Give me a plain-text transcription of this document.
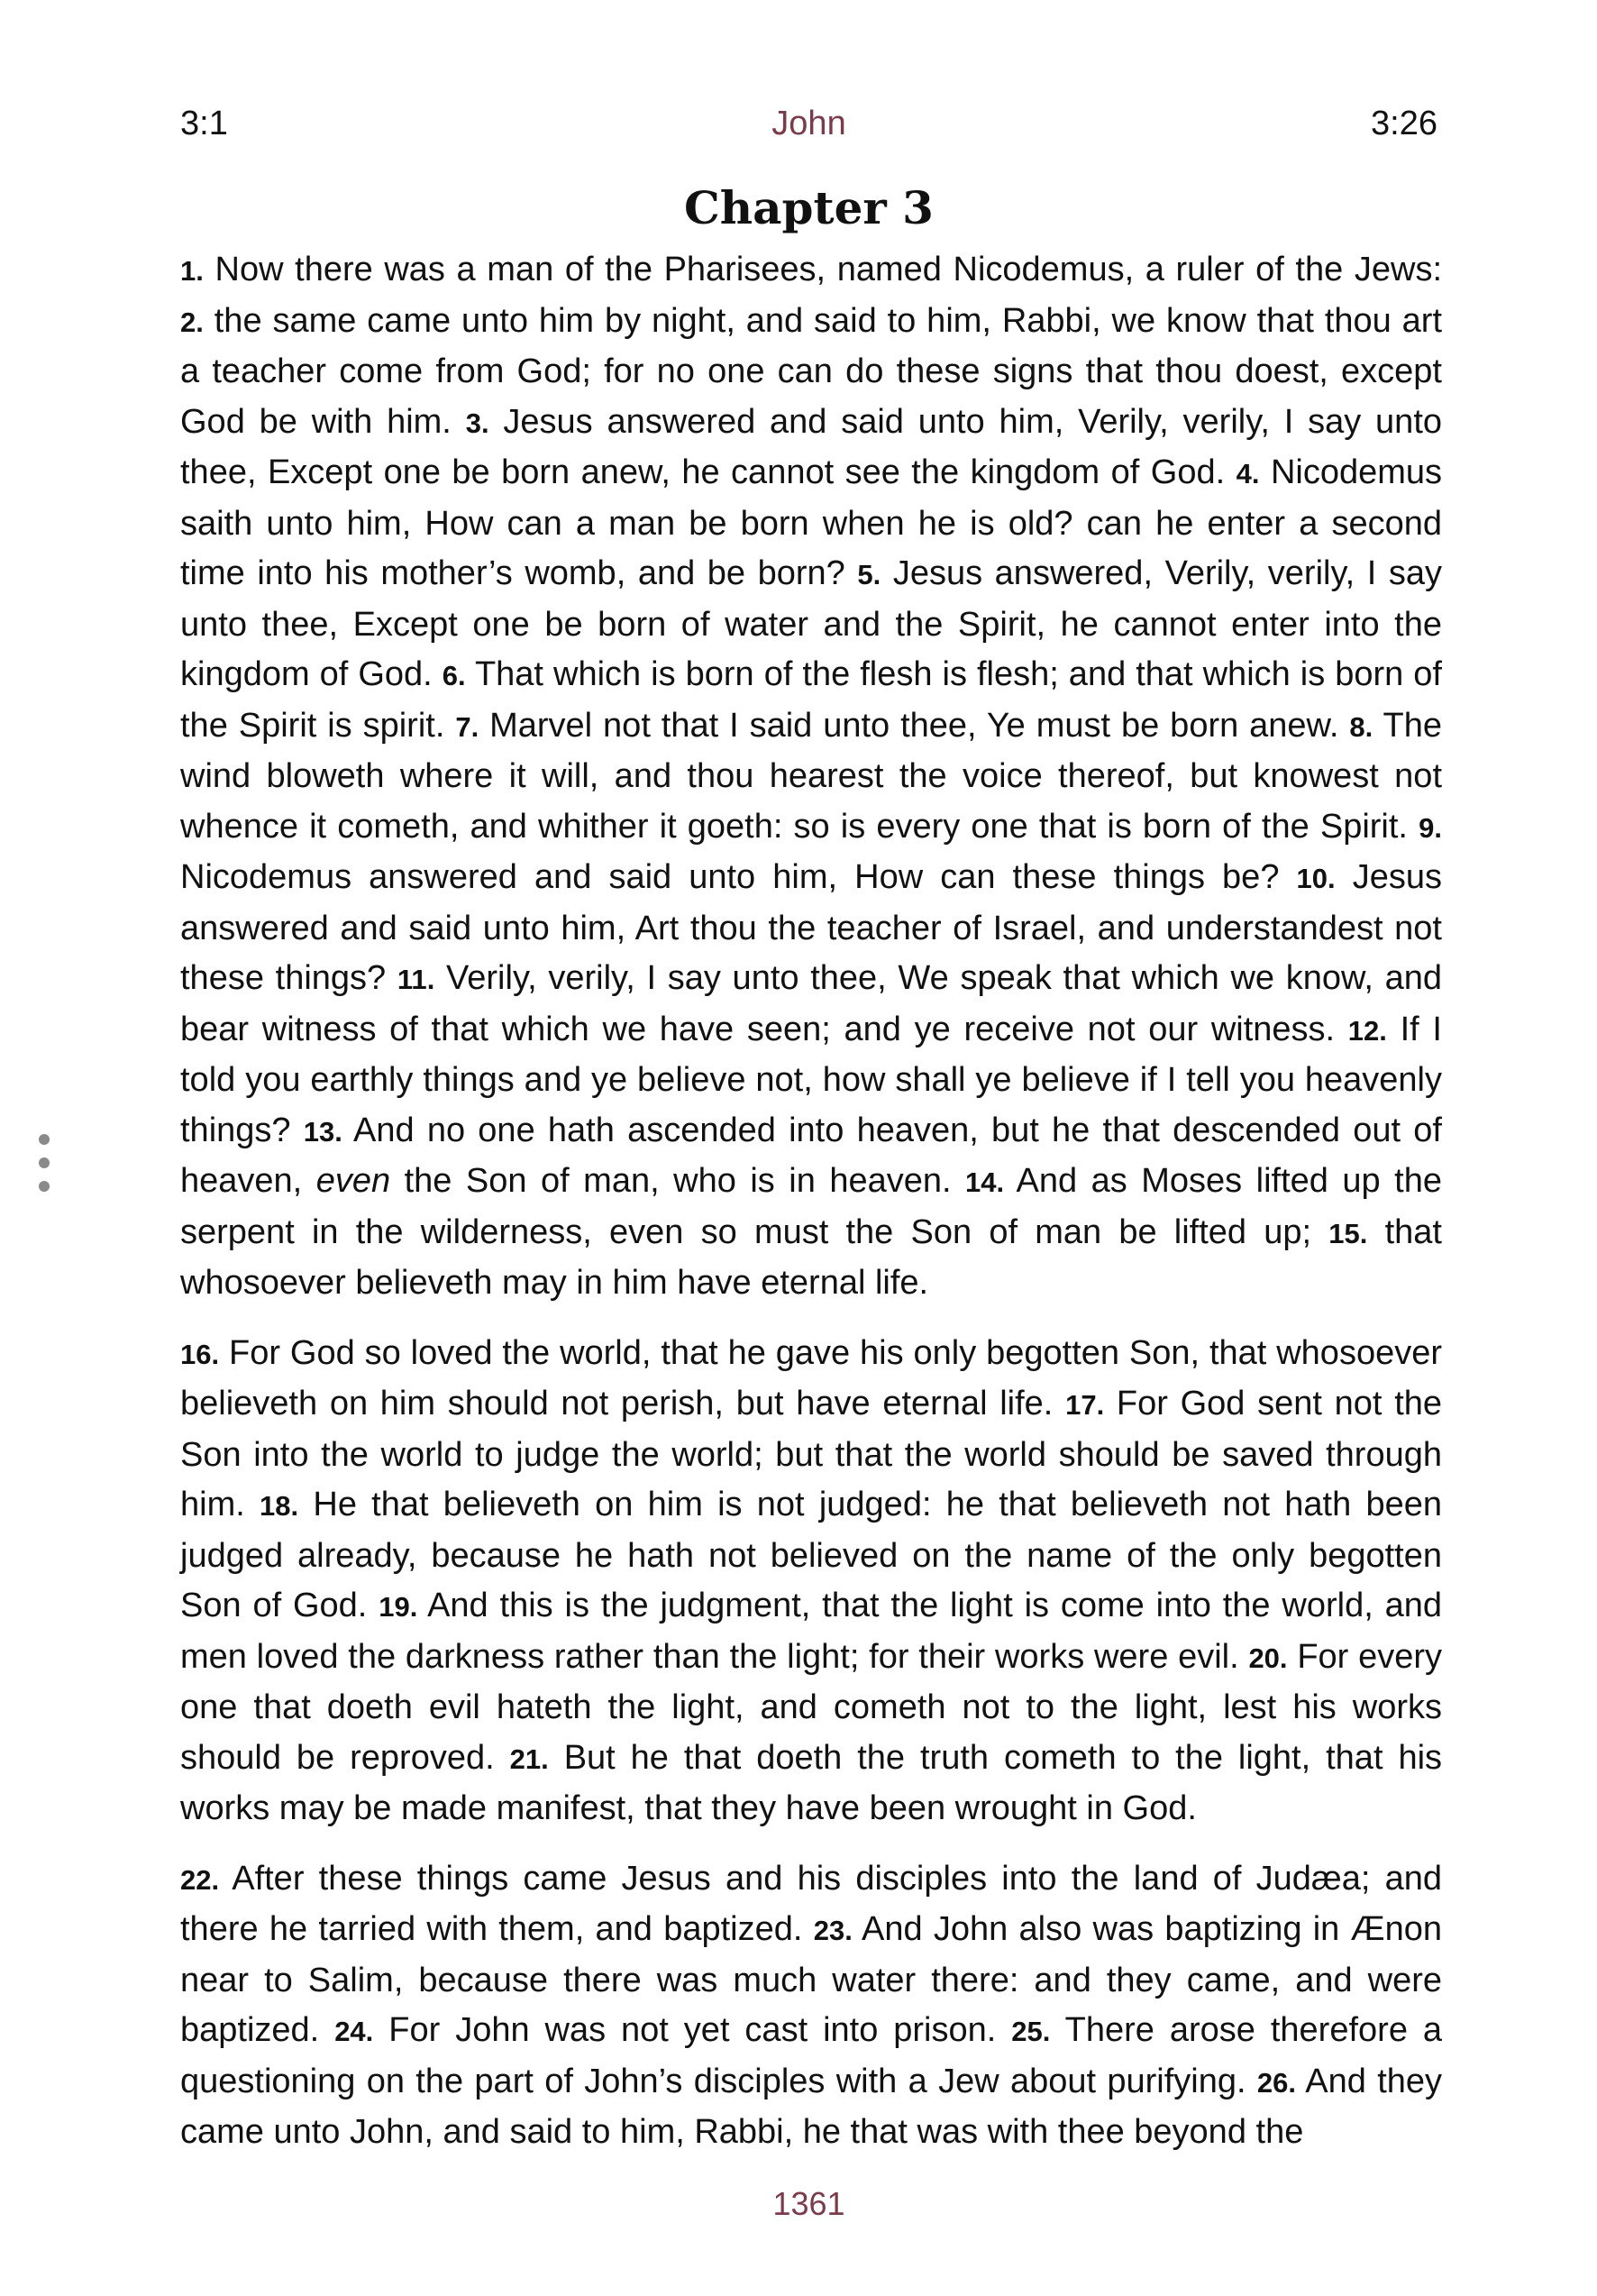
3:1	John	3:26
Chapter 3

1 . Now there was a man of the Pharisees, named Nicodemus, a ruler of the Jews: 2 . the same came unto him by night, and said to him, Rabbi, we know that thou art a teacher come from God; for no one can do these signs that thou doest, except God be with him. 3 . Jesus answered and said unto him, Verily, verily, I say unto thee, Except one be born anew, he cannot see the kingdom of God. 4 . Nicodemus saith unto him, How can a man be born when he is old? can he enter a second time into his mother’s womb, and be born? 5 . Jesus answered, Verily, verily, I say unto thee, Except one be born of water and the Spirit, he cannot enter into the kingdom of God. 6 . That which is born of the flesh is flesh; and that which is born of the Spirit is spirit. 7 . Marvel not that I said unto thee, Ye must be born anew. 8 . The wind bloweth where it will, and thou hearest the voice thereof, but knowest not whence it cometh, and whither it goeth: so is every one that is born of the Spirit. 9 . Nicodemus answered and said unto him, How can these things be? 10 . Jesus answered and said unto him, Art thou the teacher of Israel, and understandest not these things? 11 . Verily, verily, I say unto thee, We speak that which we know, and bear witness of that which we have seen; and ye receive not our witness. 12 . If I told you earthly things and ye believe not, how shall ye believe if I tell you heavenly things? 13 . And no one hath ascended into heaven, but he that descended out of heaven, even the Son of man, who is in heaven. 14 . And as Moses lifted up the serpent in the wilderness, even so must the Son of man be lifted up; 15 . that whosoever believeth may in him have eternal life.

16 . For God so loved the world, that he gave his only begotten Son, that whosoever believeth on him should not perish, but have eternal life. 17 . For God sent not the Son into the world to judge the world; but that the world should be saved through him. 18 . He that believeth on him is not judged: he that believeth not hath been judged already, because he hath not believed on the name of the only begotten Son of God. 19 . And this is the judgment, that the light is come into the world, and men loved the darkness rather than the light; for their works were evil. 20 . For every one that doeth evil hateth the light, and cometh not to the light, lest his works should be reproved. 21 . But he that doeth the truth cometh to the light, that his works may be made manifest, that they have been wrought in God.

22 . After these things came Jesus and his disciples into the land of Judæa; and there he tarried with them, and baptized. 23 . And John also was baptizing in Ænon near to Salim, because there was much water there: and they came, and were baptized. 24 . For John was not yet cast into prison. 25 . There arose therefore a questioning on the part of John’s disciples with a Jew about purifying. 26 . And they came unto John, and said to him, Rabbi, he that was with thee beyond the

1361
